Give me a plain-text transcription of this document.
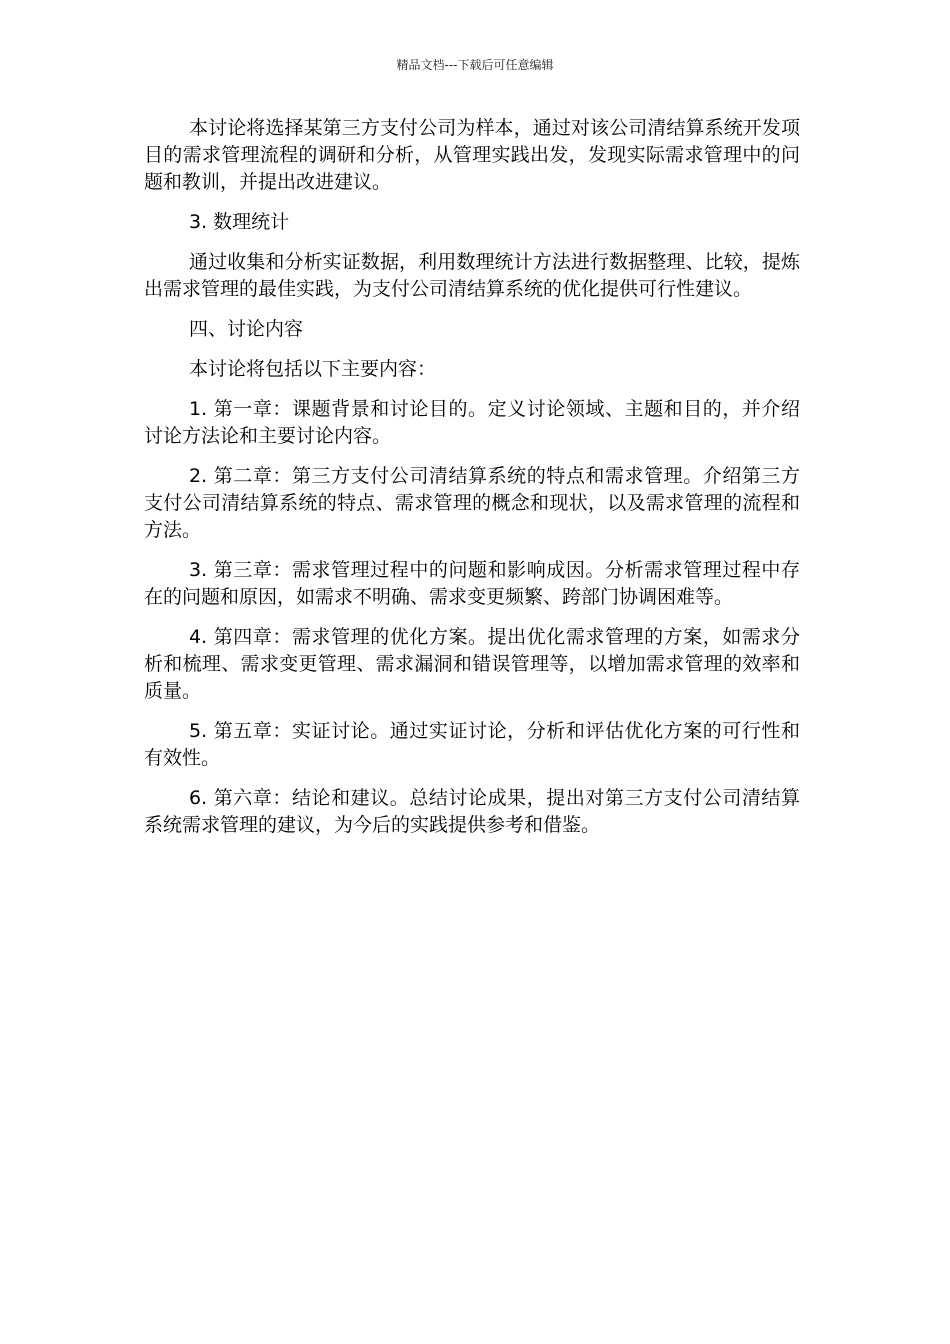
精品文档---下载后可任意编辑

本讨论将选择某第三方支付公司为样本，通过对该公司清结算系统开发项目的需求管理流程的调研和分析，从管理实践出发，发现实际需求管理中的问题和教训，并提出改进建议。

3. 数理统计

通过收集和分析实证数据，利用数理统计方法进行数据整理、比较，提炼出需求管理的最佳实践，为支付公司清结算系统的优化提供可行性建议。

四、讨论内容

本讨论将包括以下主要内容：

1. 第一章：课题背景和讨论目的。定义讨论领域、主题和目的，并介绍讨论方法论和主要讨论内容。

2. 第二章：第三方支付公司清结算系统的特点和需求管理。介绍第三方支付公司清结算系统的特点、需求管理的概念和现状，以及需求管理的流程和方法。

3. 第三章：需求管理过程中的问题和影响成因。分析需求管理过程中存在的问题和原因，如需求不明确、需求变更频繁、跨部门协调困难等。

4. 第四章：需求管理的优化方案。提出优化需求管理的方案，如需求分析和梳理、需求变更管理、需求漏洞和错误管理等，以增加需求管理的效率和质量。

5. 第五章：实证讨论。通过实证讨论，分析和评估优化方案的可行性和有效性。

6. 第六章：结论和建议。总结讨论成果，提出对第三方支付公司清结算系统需求管理的建议，为今后的实践提供参考和借鉴。
